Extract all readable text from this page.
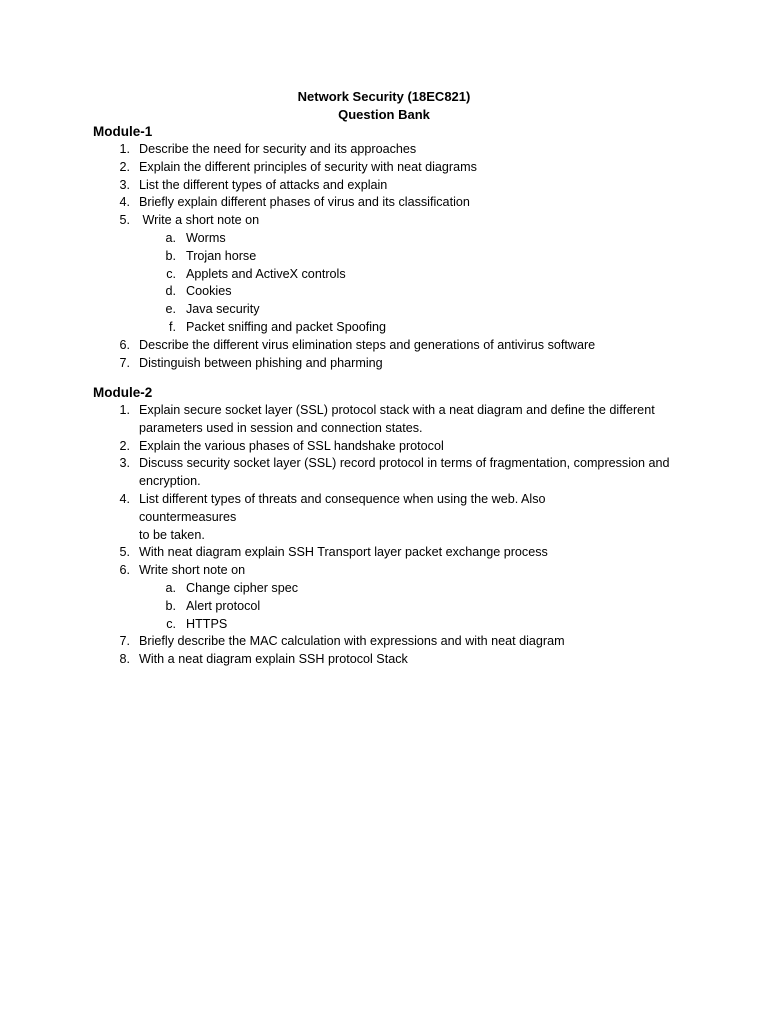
Network Security (18EC821)
Question Bank
Module-1
1. Describe the need for security and its approaches
2. Explain the different principles of security with neat diagrams
3. List the different types of attacks and explain
4. Briefly explain different phases of virus and its classification
5. Write a short note on
a. Worms
b. Trojan horse
c. Applets and ActiveX controls
d. Cookies
e. Java security
f. Packet sniffing and packet Spoofing
6. Describe the different virus elimination steps and generations of antivirus software
7. Distinguish between phishing and pharming
Module-2
1. Explain secure socket layer (SSL) protocol stack with a neat diagram and define the different parameters used in session and connection states.
2. Explain the various phases of SSL handshake protocol
3. Discuss security socket layer (SSL) record protocol in terms of fragmentation, compression and encryption.
4. List different types of threats and consequence when using the web. Also countermeasures
to be taken.
5. With neat diagram explain SSH Transport layer packet exchange process
6. Write short note on
a. Change cipher spec
b. Alert protocol
c. HTTPS
7. Briefly describe the MAC calculation with expressions and with neat diagram
8. With a neat diagram explain SSH protocol Stack
